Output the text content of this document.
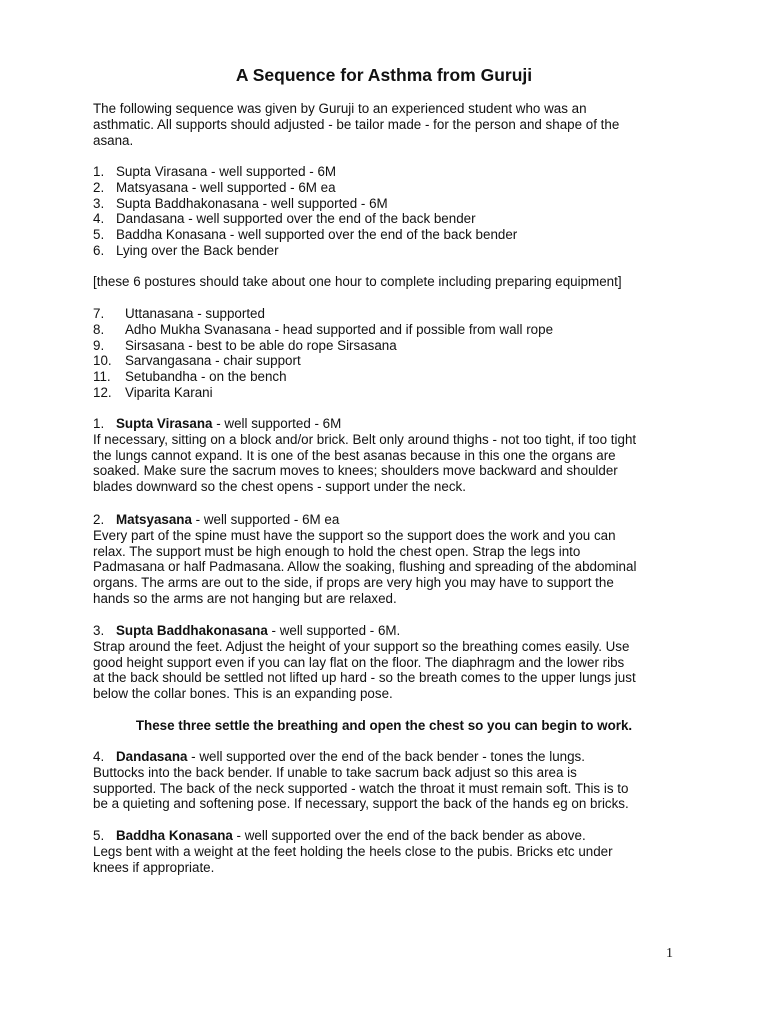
A Sequence for Asthma from Guruji
The following sequence was given by Guruji to an experienced student who was an
asthmatic. All supports should adjusted - be tailor made - for the person and shape of the
asana.
1. Supta Virasana - well supported - 6M
2. Matsyasana - well supported - 6M ea
3. Supta Baddhakonasana - well supported - 6M
4. Dandasana - well supported over the end of the back bender
5. Baddha Konasana - well supported over the end of the back bender
6. Lying over the Back bender
[these 6 postures should take about one hour to complete including preparing equipment]
7.	Uttanasana - supported
8.	Adho Mukha Svanasana - head supported and if possible from wall rope
9.	Sirsasana - best to be able do rope Sirsasana
10. Sarvangasana - chair support
11.	Setubandha - on the bench
12. Viparita Karani
1. Supta Virasana - well supported - 6M
If necessary, sitting on a block and/or brick. Belt only around thighs - not too tight, if too tight
the lungs cannot expand. It is one of the best asanas because in this one the organs are
soaked. Make sure the sacrum moves to knees; shoulders move backward and shoulder
blades downward so the chest opens - support under the neck.
2. Matsyasana - well supported - 6M ea
Every part of the spine must have the support so the support does the work and you can
relax. The support must be high enough to hold the chest open. Strap the legs into
Padmasana or half Padmasana. Allow the soaking, flushing and spreading of the abdominal
organs. The arms are out to the side, if props are very high you may have to support the
hands so the arms are not hanging but are relaxed.
3. Supta Baddhakonasana - well supported - 6M.
Strap around the feet. Adjust the height of your support so the breathing comes easily. Use
good height support even if you can lay flat on the floor. The diaphragm and the lower ribs
at the back should be settled not lifted up hard - so the breath comes to the upper lungs just
below the collar bones. This is an expanding pose.
These three settle the breathing and open the chest so you can begin to work.
4. Dandasana - well supported over the end of the back bender - tones the lungs.
Buttocks into the back bender. If unable to take sacrum back adjust so this area is
supported. The back of the neck supported - watch the throat it must remain soft. This is to
be a quieting and softening pose. If necessary, support the back of the hands eg on bricks.
5. Baddha Konasana - well supported over the end of the back bender as above.
Legs bent with a weight at the feet holding the heels close to the pubis. Bricks etc under
knees if appropriate.
1
